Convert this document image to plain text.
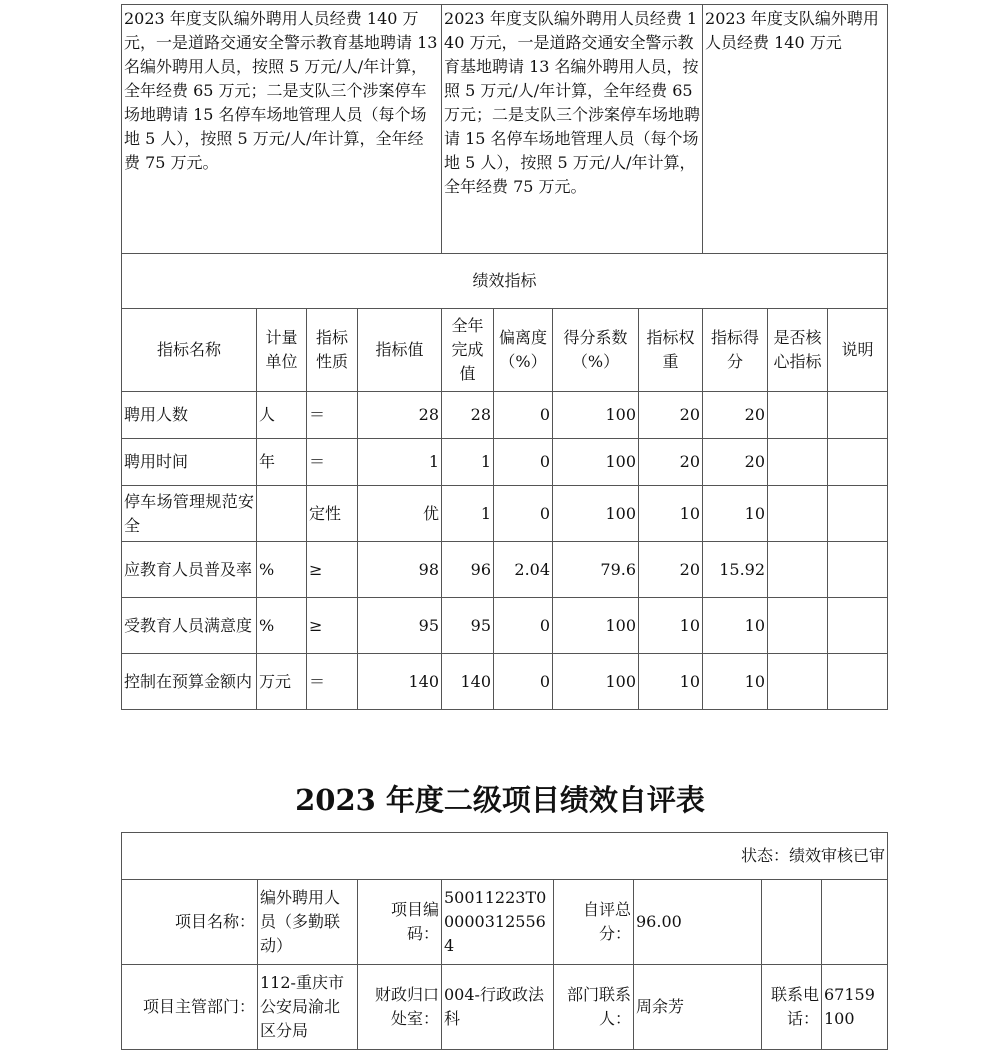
2023 年度支队编外聘用人员经费 140 万元，一是道路交通安全警示教育基地聘请 13 名编外聘用人员，按照 5 万元/人/年计算，全年经费 65 万元；二是支队三个涉案停车场地聘请 15 名停车场地管理人员（每个场地 5 人），按照 5 万元/人/年计算，全年经费 75 万元。				2023 年度支队编外聘用人员经费 140 万元，一是道路交通安全警示教育基地聘请 13 名编外聘用人员，按照 5 万元/人/年计算，全年经费 65 万元；二是支队三个涉案停车场地聘请 15 名停车场地管理人员（每个场地 5 人），按照 5 万元/人/年计算，全年经费 75 万元。				2023 年度支队编外聘用人员经费 140 万元		
绩效指标										
指标名称	计量单位	指标性质	指标值	全年完成值	偏离度（%）	得分系数（%）	指标权重	指标得分	是否核心指标	说明
聘用人数	人	＝	28	28	0	100	20	20		
聘用时间	年	＝	1	1	0	100	20	20		
停车场管理规范安全		定性	优	1	0	100	10	10		
应教育人员普及率	%	≥	98	96	2.04	79.6	20	15.92		
受教育人员满意度	%	≥	95	95	0	100	10	10		
控制在预算金额内	万元	＝	140	140	0	100	10	10		
2023 年度二级项目绩效自评表
状态：绩效审核已审							
项目名称：	编外聘用人员（多勤联动）	项目编码：	50011223T000003125564	自评总分：	96.00		
项目主管部门：	112-重庆市公安局渝北区分局	财政归口处室：	004-行政政法科	部门联系人：	周余芳	联系电话：	67159100
